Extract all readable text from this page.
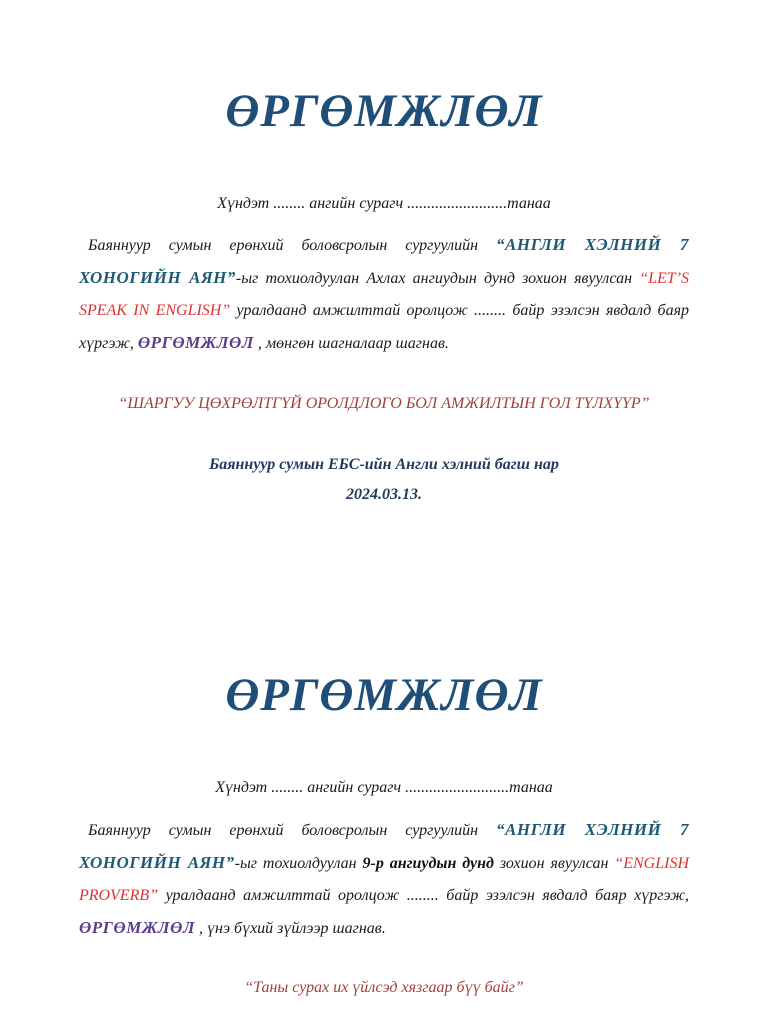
ӨРГӨМЖЛӨЛ
Хүндэт ........ ангийн сурагч .........................танаа
Баяннуур сумын ерөнхий боловсролын сургуулийн “АНГЛИ ХЭЛНИЙ 7 ХОНОГИЙН АЯН”-ыг тохиолдуулан Ахлах ангиудын дунд зохион явуулсан “LET’S SPEAK IN ENGLISH” уралдаанд амжилттай оролцож ........ байр эзэлсэн явдалд баяр хүргэж, ӨРГӨМЖЛӨЛ , мөнгөн шагналаар шагнав.
“ШАРГУУ ЦӨХРӨЛТГҮЙ ОРОЛДЛОГО БОЛ АМЖИЛТЫН ГОЛ ТҮЛХҮҮР”
Баяннуур сумын ЕБС-ийн Англи хэлний багш нар
2024.03.13.
ӨРГӨМЖЛӨЛ
Хүндэт ........ ангийн сурагч ..........................танаа
Баяннуур сумын ерөнхий боловсролын сургуулийн “АНГЛИ ХЭЛНИЙ 7 ХОНОГИЙН АЯН”-ыг тохиолдуулан 9-р ангиудын дунд зохион явуулсан “ENGLISH PROVERB” уралдаанд амжилттай оролцож ........ байр эзэлсэн явдалд баяр хүргэж, ӨРГӨМЖЛӨЛ , үнэ бүхий зүйлээр шагнав.
“Таны сурах их үйлсэд хязгаар бүү байг”
